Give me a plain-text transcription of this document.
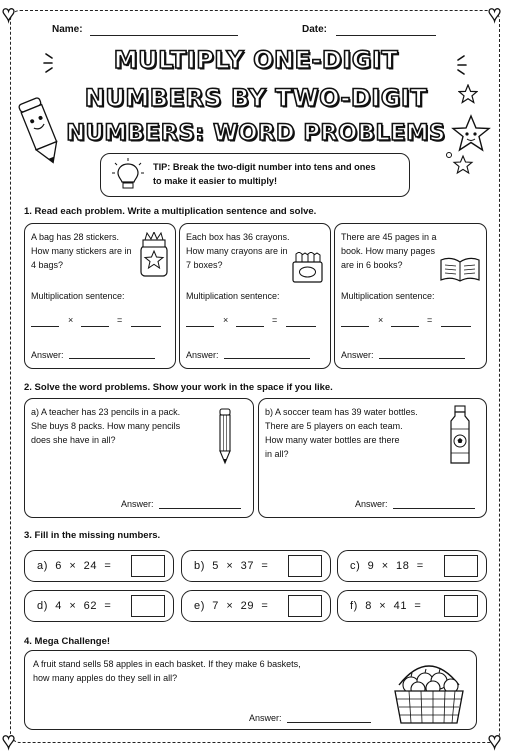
♥	♥
♥	♥
Name:	Date:
MULTIPLY ONE-DIGIT
NUMBERS BY TWO-DIGIT
NUMBERS: WORD PROBLEMS
TIP: Break the two-digit number into tens and ones
to make it easier to multiply!
1. Read each problem. Write a multiplication sentence and solve.
A bag has 28 stickers.
How many stickers are in
4 bags?
Multiplication sentence:
×	=
Answer:
Each box has 36 crayons.
How many crayons are in
7 boxes?
Multiplication sentence:
×	=
Answer:
There are 45 pages in a
book. How many pages
are in 6 books?
Multiplication sentence:
×	=
Answer:
2. Solve the word problems. Show your work in the space if you like.
a) A teacher has 23 pencils in a pack.
She buys 8 packs. How many pencils
does she have in all?
Answer:
b) A soccer team has 39 water bottles.
There are 5 players on each team.
How many water bottles are there
in all?
Answer:
3. Fill in the missing numbers.
a)  6  ×  24  =	b)  5  ×  37  =	c)  9  ×  18  =
d)  4  ×  62  =	e)  7  ×  29  =	f)  8  ×  41  =
4. Mega Challenge!
A fruit stand sells 58 apples in each basket. If they make 6 baskets,
how many apples do they sell in all?
Answer:
